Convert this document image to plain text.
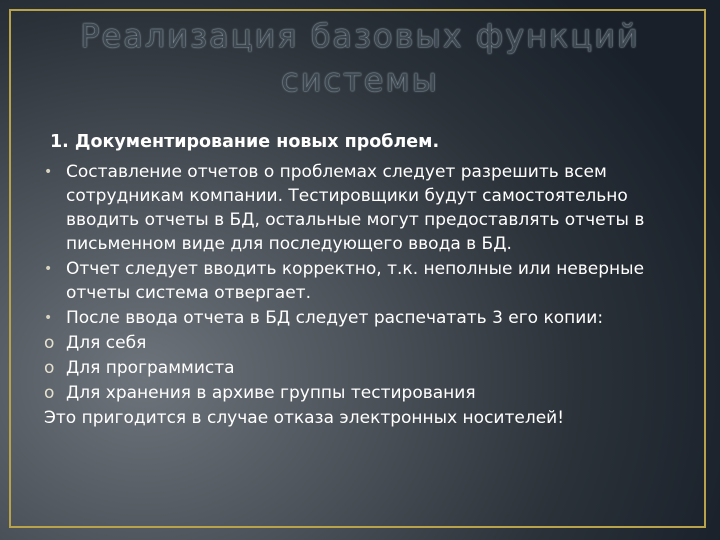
Реализация базовых функций
системы
1. Документирование новых проблем.
• Составление отчетов о проблемах следует разрешить всем сотрудникам компании. Тестировщики будут самостоятельно вводить отчеты в БД, остальные могут предоставлять отчеты в письменном виде для последующего ввода в БД.
• Отчет следует вводить корректно, т.к. неполные или неверные отчеты система отвергает.
• После ввода отчета в БД следует распечатать 3 его копии:
o Для себя
o Для программиста
o Для хранения в архиве группы тестирования
Это пригодится в случае отказа электронных носителей!
